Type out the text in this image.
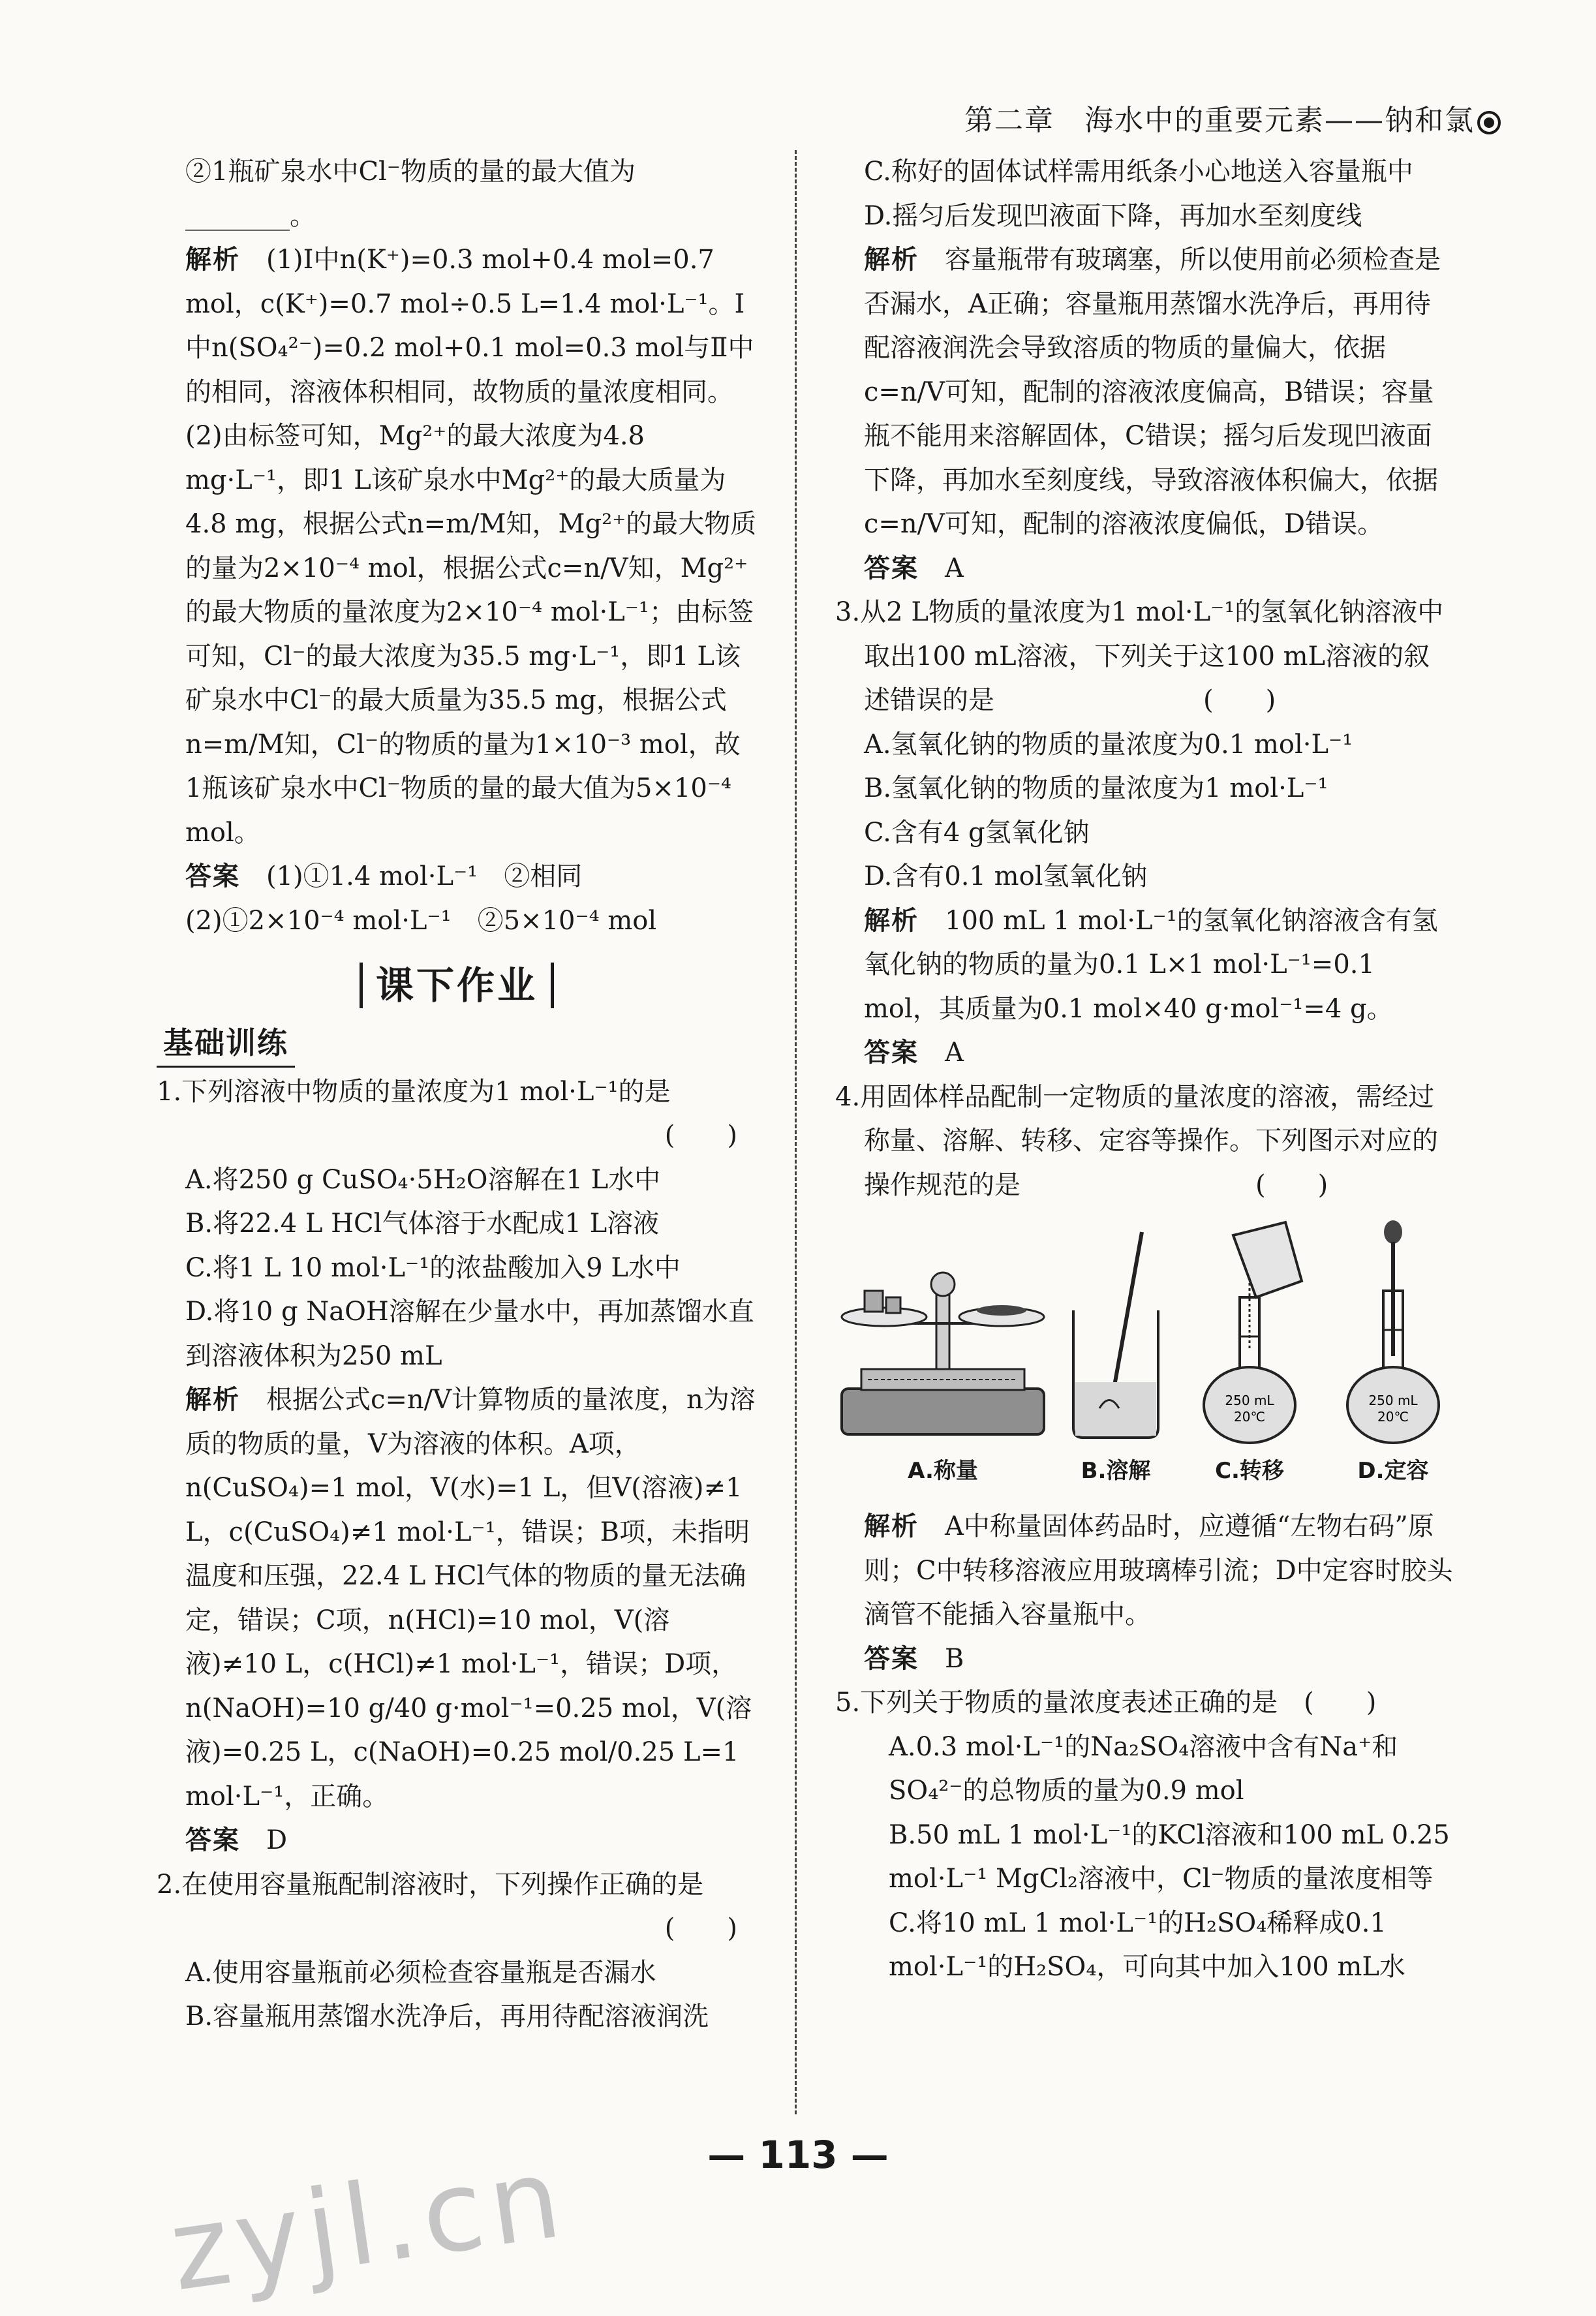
第二章　海水中的重要元素——钠和氯

②1瓶矿泉水中Cl⁻物质的量的最大值为________。

解析　 (1)Ⅰ中n(K⁺)=0.3 mol+0.4 mol=0.7 mol，c(K⁺)=0.7 mol÷0.5 L=1.4 mol·L⁻¹。Ⅰ中n(SO₄²⁻)=0.2 mol+0.1 mol=0.3 mol与Ⅱ中的相同，溶液体积相同，故物质的量浓度相同。(2)由标签可知，Mg²⁺的最大浓度为4.8 mg·L⁻¹，即1 L该矿泉水中Mg²⁺的最大质量为4.8 mg，根据公式n=m/M知，Mg²⁺的最大物质的量为2×10⁻⁴ mol，根据公式c=n/V知，Mg²⁺的最大物质的量浓度为2×10⁻⁴ mol·L⁻¹；由标签可知，Cl⁻的最大浓度为35.5 mg·L⁻¹，即1 L该矿泉水中Cl⁻的最大质量为35.5 mg，根据公式n=m/M知，Cl⁻的物质的量为1×10⁻³ mol，故1瓶该矿泉水中Cl⁻物质的量的最大值为5×10⁻⁴ mol。

答案　 (1)①1.4 mol·L⁻¹　②相同　(2)①2×10⁻⁴ mol·L⁻¹　②5×10⁻⁴ mol

课下作业
基础训练

1.下列溶液中物质的量浓度为1 mol·L⁻¹的是

(　　)

A.将250 g CuSO₄·5H₂O溶解在1 L水中

B.将22.4 L HCl气体溶于水配成1 L溶液

C.将1 L 10 mol·L⁻¹的浓盐酸加入9 L水中

D.将10 g NaOH溶解在少量水中，再加蒸馏水直到溶液体积为250 mL

解析　 根据公式c=n/V计算物质的量浓度，n为溶质的物质的量，V为溶液的体积。A项，n(CuSO₄)=1 mol，V(水)=1 L，但V(溶液)≠1 L，c(CuSO₄)≠1 mol·L⁻¹，错误；B项，未指明温度和压强，22.4 L HCl气体的物质的量无法确定，错误；C项，n(HCl)=10 mol，V(溶液)≠10 L，c(HCl)≠1 mol·L⁻¹，错误；D项，n(NaOH)=10 g/40 g·mol⁻¹=0.25 mol，V(溶液)=0.25 L，c(NaOH)=0.25 mol/0.25 L=1 mol·L⁻¹，正确。

答案　 D

2.在使用容量瓶配制溶液时，下列操作正确的是

(　　)

A.使用容量瓶前必须检查容量瓶是否漏水

B.容量瓶用蒸馏水洗净后，再用待配溶液润洗

C.称好的固体试样需用纸条小心地送入容量瓶中

D.摇匀后发现凹液面下降，再加水至刻度线

解析　 容量瓶带有玻璃塞，所以使用前必须检查是否漏水，A正确；容量瓶用蒸馏水洗净后，再用待配溶液润洗会导致溶质的物质的量偏大，依据c=n/V可知，配制的溶液浓度偏高，B错误；容量瓶不能用来溶解固体，C错误；摇匀后发现凹液面下降，再加水至刻度线，导致溶液体积偏大，依据c=n/V可知，配制的溶液浓度偏低，D错误。

答案　 A

3.从2 L物质的量浓度为1 mol·L⁻¹的氢氧化钠溶液中取出100 mL溶液，下列关于这100 mL溶液的叙述错误的是　　　　　　　　(　　)

A.氢氧化钠的物质的量浓度为0.1 mol·L⁻¹

B.氢氧化钠的物质的量浓度为1 mol·L⁻¹

C.含有4 g氢氧化钠

D.含有0.1 mol氢氧化钠

解析　 100 mL 1 mol·L⁻¹的氢氧化钠溶液含有氢氧化钠的物质的量为0.1 L×1 mol·L⁻¹=0.1 mol，其质量为0.1 mol×40 g·mol⁻¹=4 g。

答案　 A

4.用固体样品配制一定物质的量浓度的溶液，需经过称量、溶解、转移、定容等操作。下列图示对应的操作规范的是　　　　　　　　　(　　)

A.称量	B.溶解
250 mL
20℃
C.转移
250 mL
20℃
D.定容

解析　 A中称量固体药品时，应遵循“左物右码”原则；C中转移溶液应用玻璃棒引流；D中定容时胶头滴管不能插入容量瓶中。

答案　 B

5.下列关于物质的量浓度表述正确的是　(　　)

A.0.3 mol·L⁻¹的Na₂SO₄溶液中含有Na⁺和SO₄²⁻的总物质的量为0.9 mol

B.50 mL 1 mol·L⁻¹的KCl溶液和100 mL 0.25 mol·L⁻¹ MgCl₂溶液中，Cl⁻物质的量浓度相等

C.将10 mL 1 mol·L⁻¹的H₂SO₄稀释成0.1 mol·L⁻¹的H₂SO₄，可向其中加入100 mL水

— 113 —
zyjl.cn
